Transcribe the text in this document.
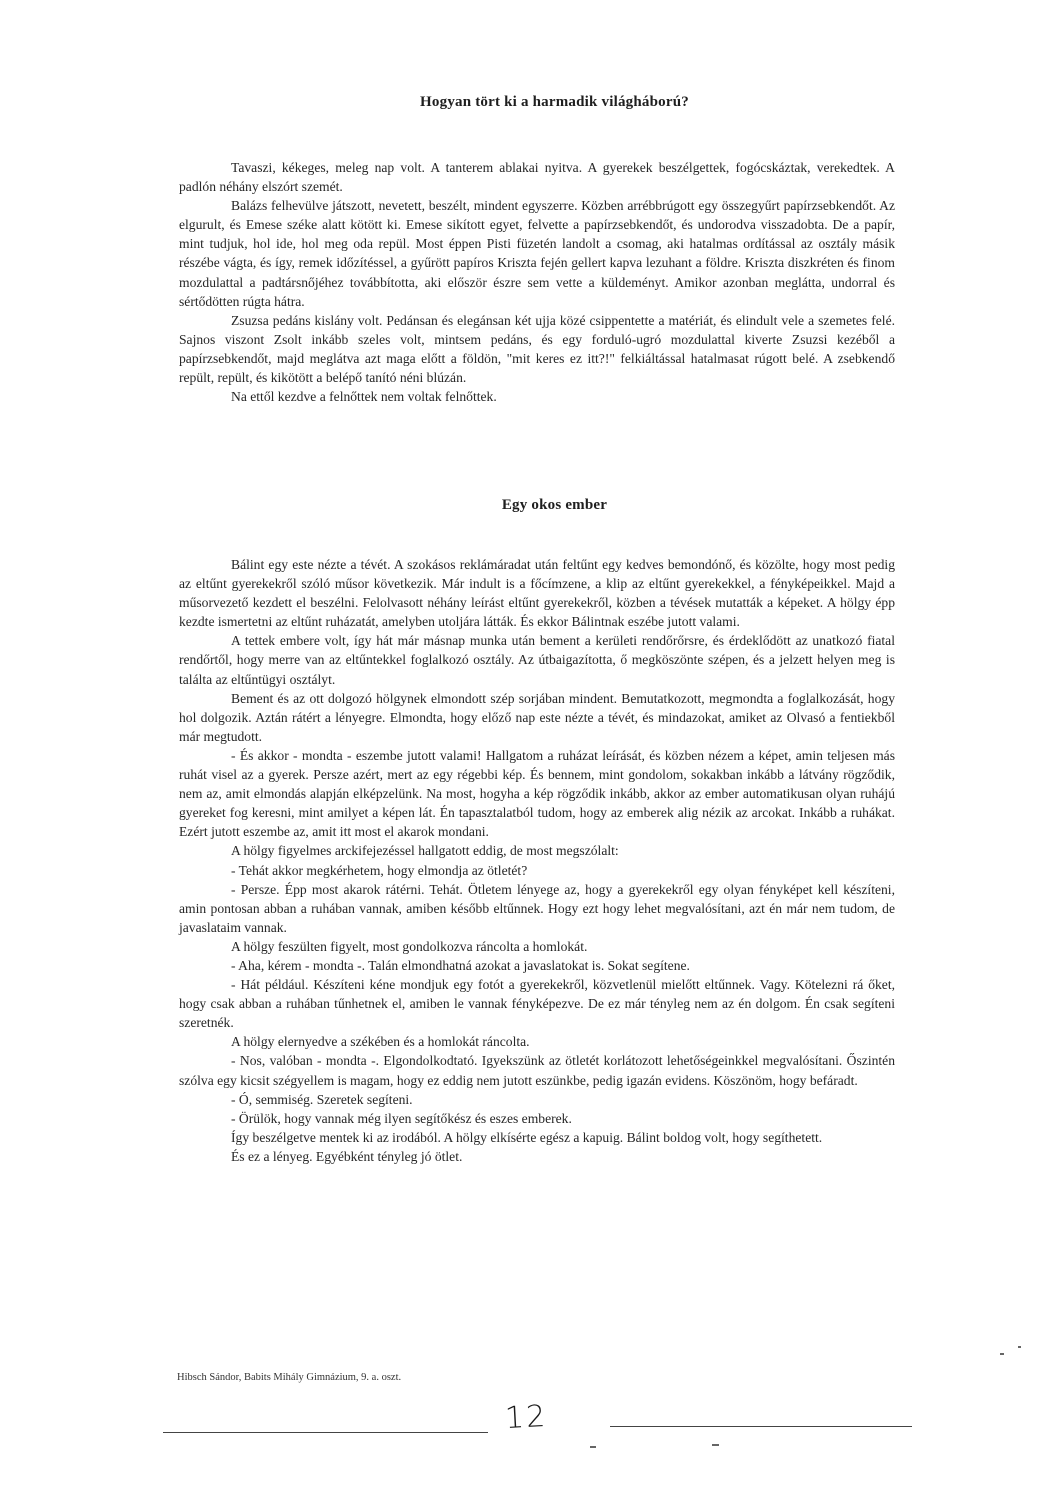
Hogyan tört ki a harmadik világháború?

Tavaszi, kékeges, meleg nap volt. A tanterem ablakai nyitva. A gyerekek beszélgettek, fogócskáztak, verekedtek. A padlón néhány elszórt szemét.

Balázs felhevülve játszott, nevetett, beszélt, mindent egyszerre. Közben arrébbrúgott egy összegyűrt papírzsebkendőt. Az elgurult, és Emese széke alatt kötött ki. Emese sikított egyet, felvette a papírzsebkendőt, és undorodva visszadobta. De a papír, mint tudjuk, hol ide, hol meg oda repül. Most éppen Pisti füzetén landolt a csomag, aki hatalmas ordítással az osztály másik részébe vágta, és így, remek időzítéssel, a gyűrött papíros Kriszta fején gellert kapva lezuhant a földre. Kriszta diszkréten és finom mozdulattal a padtársnőjéhez továbbította, aki először észre sem vette a küldeményt. Amikor azonban meglátta, undorral és sértődötten rúgta hátra.

Zsuzsa pedáns kislány volt. Pedánsan és elegánsan két ujja közé csippentette a matériát, és elindult vele a szemetes felé. Sajnos viszont Zsolt inkább szeles volt, mintsem pedáns, és egy forduló-ugró mozdulattal kiverte Zsuzsi kezéből a papírzsebkendőt, majd meglátva azt maga előtt a földön, "mit keres ez itt?!" felkiáltással hatalmasat rúgott belé. A zsebkendő repült, repült, és kikötött a belépő tanító néni blúzán.

Na ettől kezdve a felnőttek nem voltak felnőttek.

Egy okos ember

Bálint egy este nézte a tévét. A szokásos reklámáradat után feltűnt egy kedves bemondónő, és közölte, hogy most pedig az eltűnt gyerekekről szóló műsor következik. Már indult is a főcímzene, a klip az eltűnt gyerekekkel, a fényképeikkel. Majd a műsorvezető kezdett el beszélni. Felolvasott néhány leírást eltűnt gyerekekről, közben a tévések mutatták a képeket. A hölgy épp kezdte ismertetni az eltűnt ruházatát, amelyben utoljára látták. És ekkor Bálintnak eszébe jutott valami.

A tettek embere volt, így hát már másnap munka után bement a kerületi rendőrőrsre, és érdeklődött az unatkozó fiatal rendőrtől, hogy merre van az eltűntekkel foglalkozó osztály. Az útbaigazította, ő megköszönte szépen, és a jelzett helyen meg is találta az eltűntügyi osztályt.

Bement és az ott dolgozó hölgynek elmondott szép sorjában mindent. Bemutatkozott, megmondta a foglalkozását, hogy hol dolgozik. Aztán rátért a lényegre. Elmondta, hogy előző nap este nézte a tévét, és mindazokat, amiket az Olvasó a fentiekből már megtudott.

- És akkor - mondta - eszembe jutott valami! Hallgatom a ruházat leírását, és közben nézem a képet, amin teljesen más ruhát visel az a gyerek. Persze azért, mert az egy régebbi kép. És bennem, mint gondolom, sokakban inkább a látvány rögződik, nem az, amit elmondás alapján elképzelünk. Na most, hogyha a kép rögződik inkább, akkor az ember automatikusan olyan ruhájú gyereket fog keresni, mint amilyet a képen lát. Én tapasztalatból tudom, hogy az emberek alig nézik az arcokat. Inkább a ruhákat. Ezért jutott eszembe az, amit itt most el akarok mondani.

A hölgy figyelmes arckifejezéssel hallgatott eddig, de most megszólalt:

- Tehát akkor megkérhetem, hogy elmondja az ötletét?

- Persze. Épp most akarok rátérni. Tehát. Ötletem lényege az, hogy a gyerekekről egy olyan fényképet kell készíteni, amin pontosan abban a ruhában vannak, amiben később eltűnnek. Hogy ezt hogy lehet megvalósítani, azt én már nem tudom, de javaslataim vannak.

A hölgy feszülten figyelt, most gondolkozva ráncolta a homlokát.

- Aha, kérem - mondta -. Talán elmondhatná azokat a javaslatokat is. Sokat segítene.

- Hát például. Készíteni kéne mondjuk egy fotót a gyerekekről, közvetlenül mielőtt eltűnnek. Vagy. Kötelezni rá őket, hogy csak abban a ruhában tűnhetnek el, amiben le vannak fényképezve. De ez már tényleg nem az én dolgom. Én csak segíteni szeretnék.

A hölgy elernyedve a székében és a homlokát ráncolta.

- Nos, valóban - mondta -. Elgondolkodtató. Igyekszünk az ötletét korlátozott lehetőségeinkkel megvalósítani. Őszintén szólva egy kicsit szégyellem is magam, hogy ez eddig nem jutott eszünkbe, pedig igazán evidens. Köszönöm, hogy befáradt.

- Ó, semmiség. Szeretek segíteni.

- Örülök, hogy vannak még ilyen segítőkész és eszes emberek.

Így beszélgetve mentek ki az irodából. A hölgy elkísérte egész a kapuig. Bálint boldog volt, hogy segíthetett.

És ez a lényeg. Egyébként tényleg jó ötlet.

Hibsch Sándor, Babits Mihály Gimnázium, 9. a. oszt.
12
